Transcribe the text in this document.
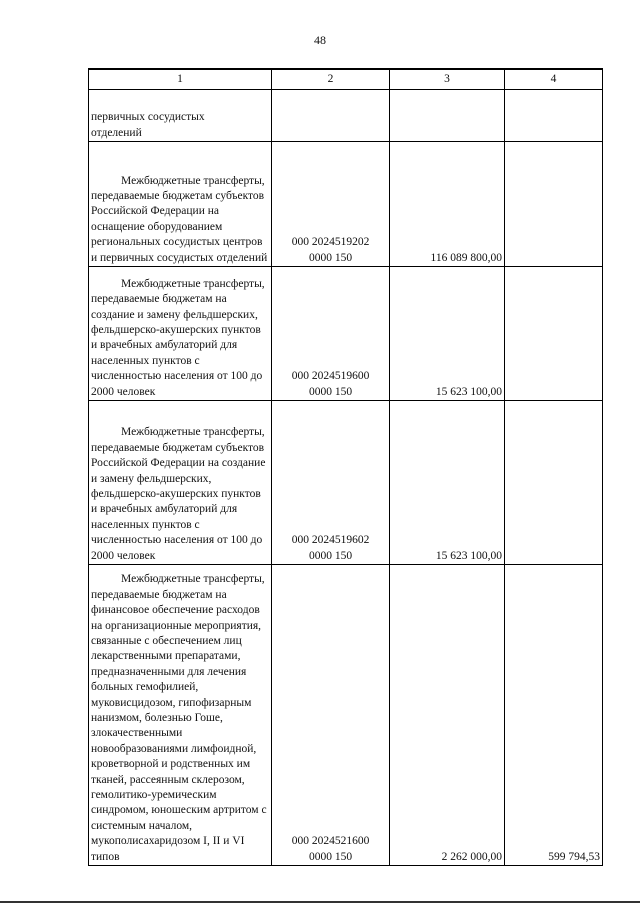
48
1	2	3	4

первичных сосудистых отделений			

Межбюджетные трансферты, передаваемые бюджетам субъектов Российской Федерации на оснащение оборудованием региональных сосудистых центров и первичных сосудистых отделений	000 2024519202
0000 150	116 089 800,00	

Межбюджетные трансферты, передаваемые бюджетам на создание и замену фельдшерских, фельдшерско-акушерских пунктов и врачебных амбулаторий для населенных пунктов с численностью населения от 100 до 2000 человек	000 2024519600
0000 150	15 623 100,00	

Межбюджетные трансферты, передаваемые бюджетам субъектов Российской Федерации на создание и замену фельдшерских, фельдшерско-акушерских пунктов и врачебных амбулаторий для населенных пунктов с численностью населения от 100 до 2000 человек	000 2024519602
0000 150	15 623 100,00	

Межбюджетные трансферты, передаваемые бюджетам на финансовое обеспечение расходов на организационные мероприятия, связанные с обеспечением лиц лекарственными препаратами, предназначенными для лечения больных гемофилией, муковисцидозом, гипофизарным нанизмом, болезнью Гоше, злокачественными новообразованиями лимфоидной, кроветворной и родственных им тканей, рассеянным склерозом, гемолитико-уремическим синдромом, юношеским артритом с системным началом, мукополисахаридозом I, II и VI типов	000 2024521600
0000 150	2 262 000,00	599 794,53
